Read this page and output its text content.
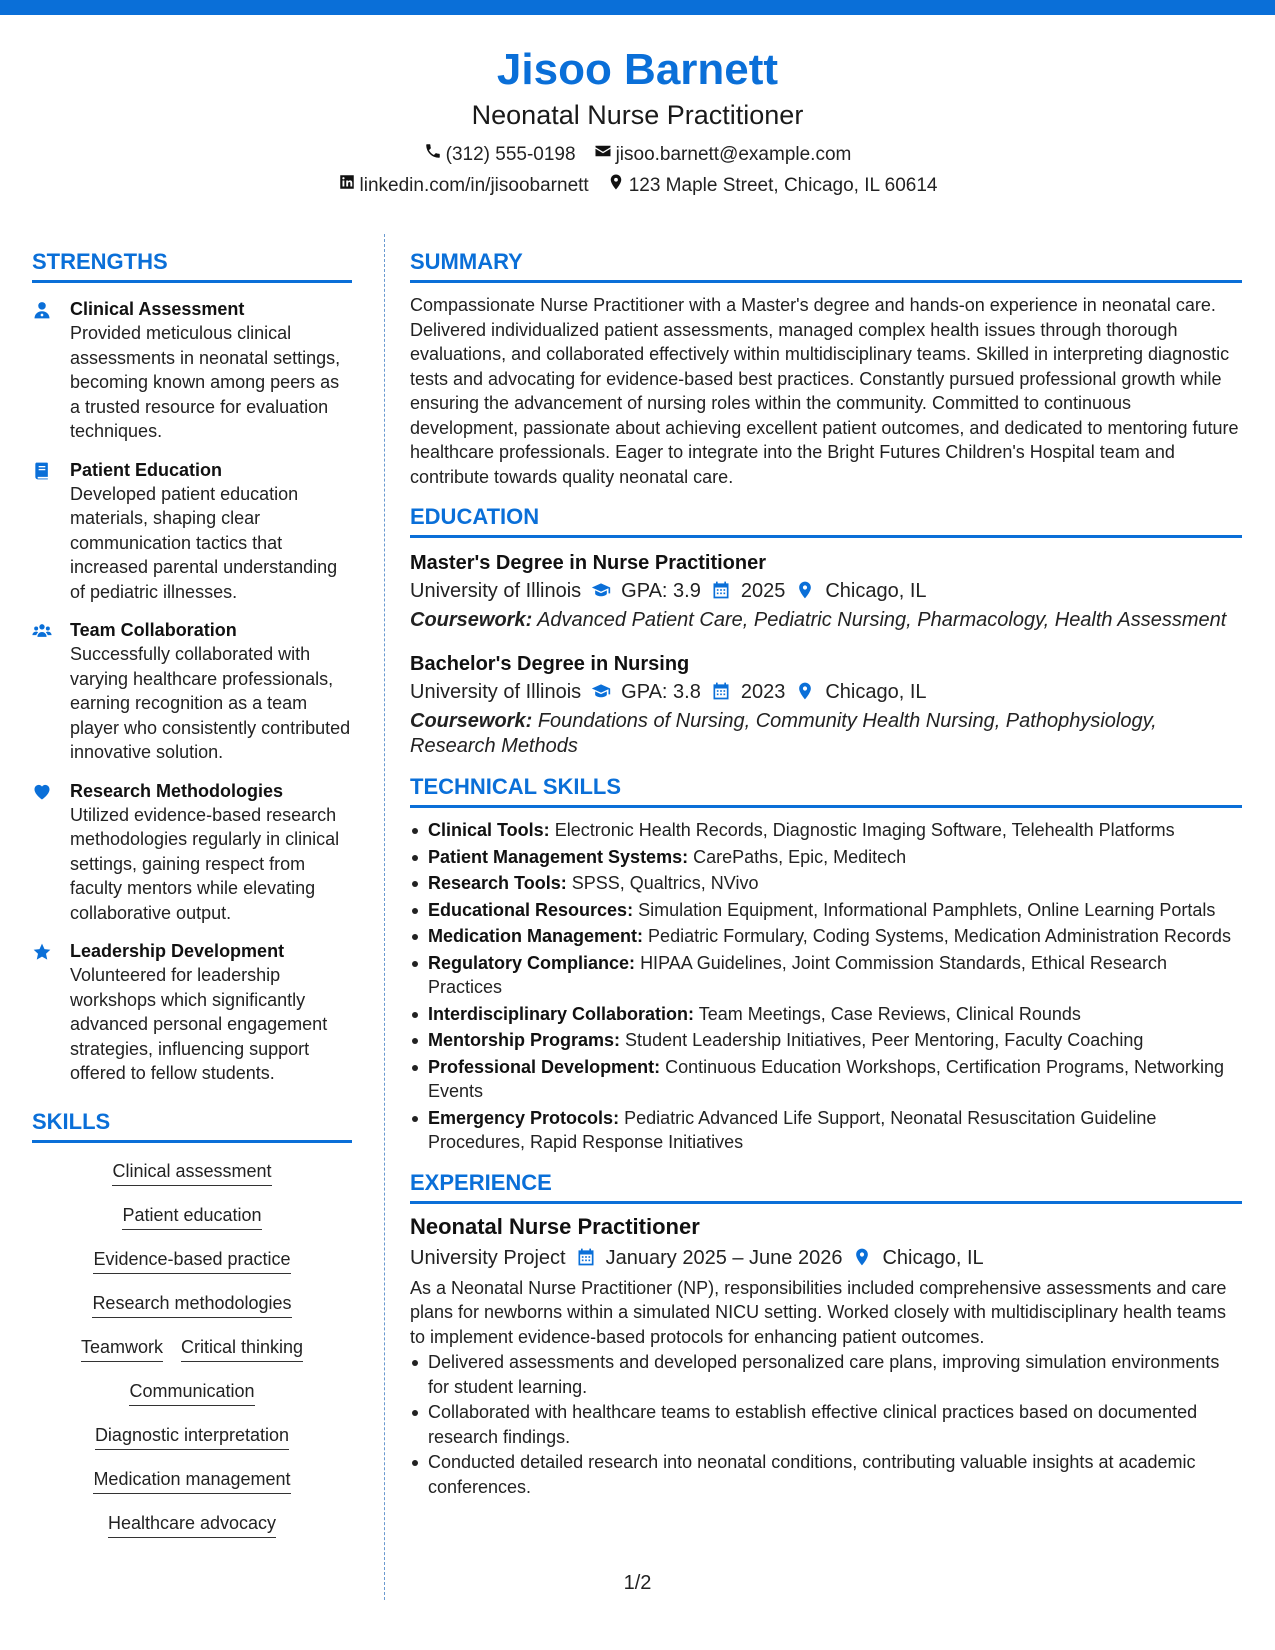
Jisoo Barnett
Neonatal Nurse Practitioner
(312) 555-0198 jisoo.barnett@example.com
linkedin.com/in/jisoobarnett 123 Maple Street, Chicago, IL 60614
STRENGTHS
Clinical Assessment
Provided meticulous clinical assessments in neonatal settings, becoming known among peers as a trusted resource for evaluation techniques.
Patient Education
Developed patient education materials, shaping clear communication tactics that increased parental understanding of pediatric illnesses.
Team Collaboration
Successfully collaborated with varying healthcare professionals, earning recognition as a team player who consistently contributed innovative solution.
Research Methodologies
Utilized evidence-based research methodologies regularly in clinical settings, gaining respect from faculty mentors while elevating collaborative output.
Leadership Development
Volunteered for leadership workshops which significantly advanced personal engagement strategies, influencing support offered to fellow students.
SKILLS
Clinical assessment
Patient education
Evidence-based practice
Research methodologies
Teamwork Critical thinking
Communication
Diagnostic interpretation
Medication management
Healthcare advocacy
SUMMARY

Compassionate Nurse Practitioner with a Master's degree and hands-on experience in neonatal care. Delivered individualized patient assessments, managed complex health issues through thorough evaluations, and collaborated effectively within multidisciplinary teams. Skilled in interpreting diagnostic tests and advocating for evidence-based best practices. Constantly pursued professional growth while ensuring the advancement of nursing roles within the community. Committed to continuous development, passionate about achieving excellent patient outcomes, and dedicated to mentoring future healthcare professionals. Eager to integrate into the Bright Futures Children's Hospital team and contribute towards quality neonatal care.

EDUCATION
Master's Degree in Nurse Practitioner
University of Illinois GPA: 3.9 2025 Chicago, IL
Coursework: Advanced Patient Care, Pediatric Nursing, Pharmacology, Health Assessment
Bachelor's Degree in Nursing
University of Illinois GPA: 3.8 2023 Chicago, IL
Coursework: Foundations of Nursing, Community Health Nursing, Pathophysiology, Research Methods
TECHNICAL SKILLS
Clinical Tools: Electronic Health Records, Diagnostic Imaging Software, Telehealth Platforms
Patient Management Systems: CarePaths, Epic, Meditech
Research Tools: SPSS, Qualtrics, NVivo
Educational Resources: Simulation Equipment, Informational Pamphlets, Online Learning Portals
Medication Management: Pediatric Formulary, Coding Systems, Medication Administration Records
Regulatory Compliance: HIPAA Guidelines, Joint Commission Standards, Ethical Research Practices
Interdisciplinary Collaboration: Team Meetings, Case Reviews, Clinical Rounds
Mentorship Programs: Student Leadership Initiatives, Peer Mentoring, Faculty Coaching
Professional Development: Continuous Education Workshops, Certification Programs, Networking Events
Emergency Protocols: Pediatric Advanced Life Support, Neonatal Resuscitation Guideline Procedures, Rapid Response Initiatives
EXPERIENCE
Neonatal Nurse Practitioner
University Project January 2025 – June 2026 Chicago, IL

As a Neonatal Nurse Practitioner (NP), responsibilities included comprehensive assessments and care plans for newborns within a simulated NICU setting. Worked closely with multidisciplinary health teams to implement evidence-based protocols for enhancing patient outcomes.

Delivered assessments and developed personalized care plans, improving simulation environments for student learning.
Collaborated with healthcare teams to establish effective clinical practices based on documented research findings.
Conducted detailed research into neonatal conditions, contributing valuable insights at academic conferences.
1/2
